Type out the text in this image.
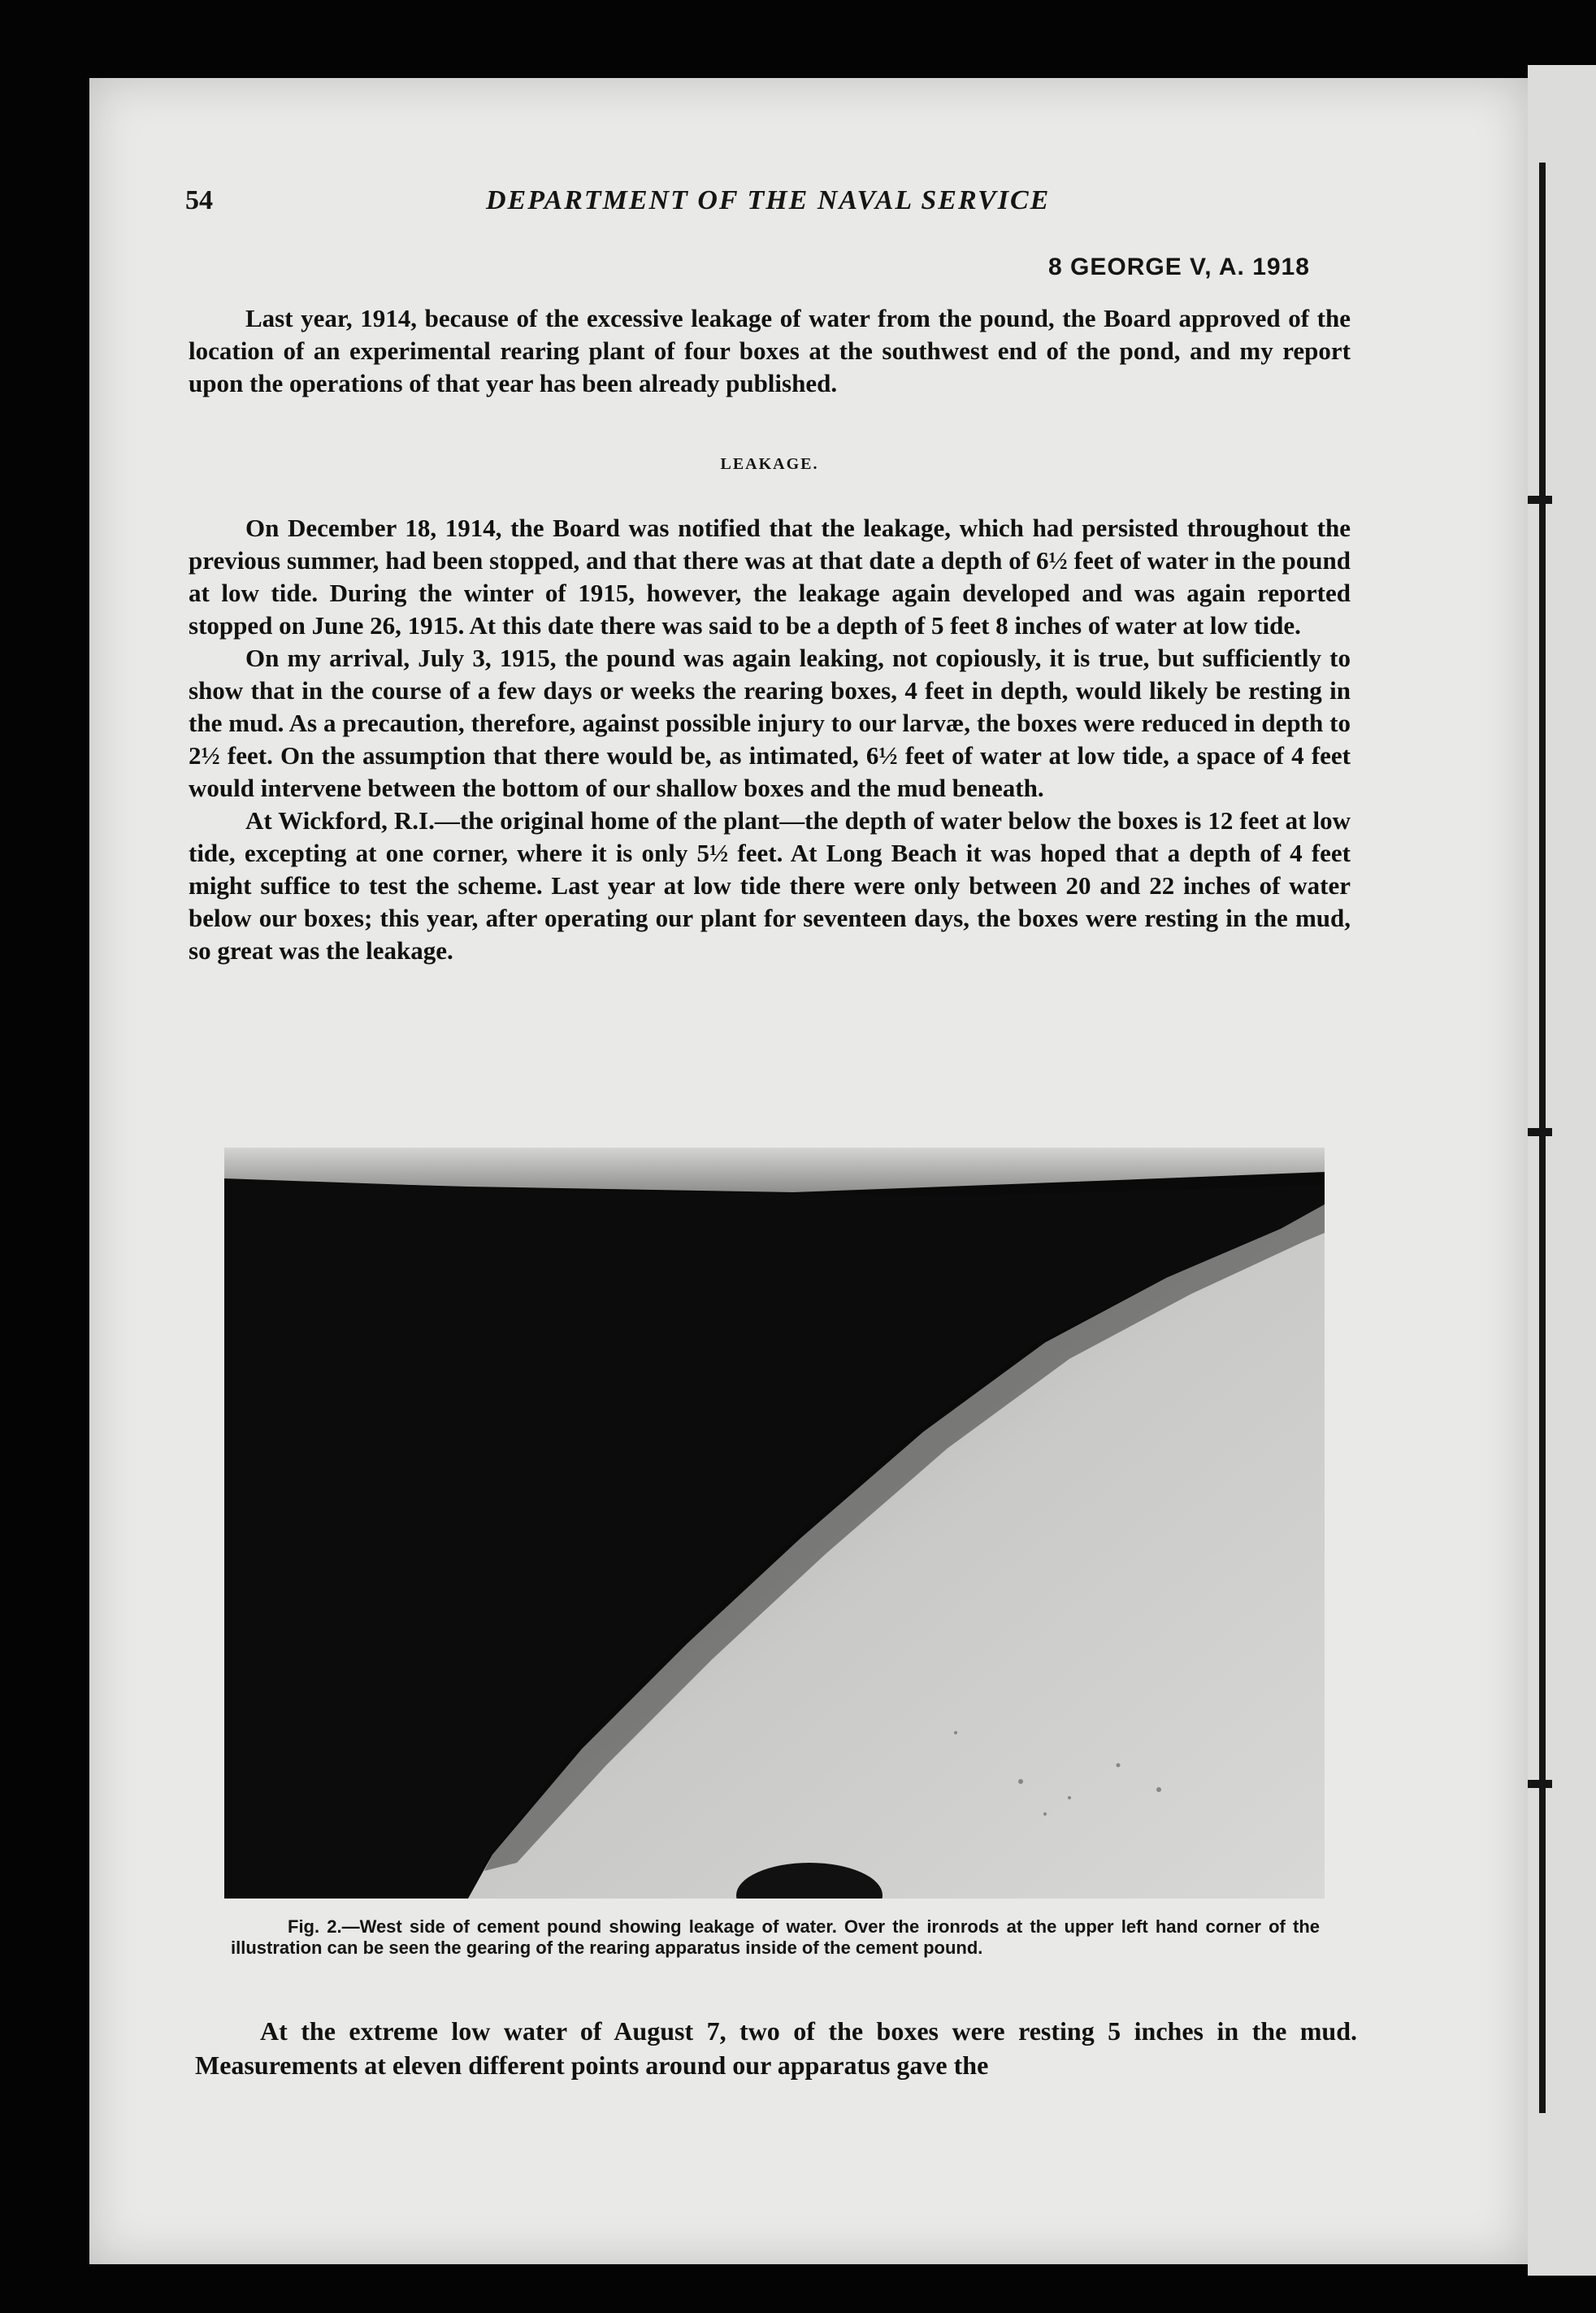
54	DEPARTMENT OF THE NAVAL SERVICE
8 GEORGE V, A. 1918
Last year, 1914, because of the excessive leakage of water from the pound, the Board approved of the location of an experimental rearing plant of four boxes at the southwest end of the pond, and my report upon the operations of that year has been already published.
LEAKAGE.

On December 18, 1914, the Board was notified that the leakage, which had persisted throughout the previous summer, had been stopped, and that there was at that date a depth of 6½ feet of water in the pound at low tide. During the winter of 1915, however, the leakage again developed and was again reported stopped on June 26, 1915. At this date there was said to be a depth of 5 feet 8 inches of water at low tide.

On my arrival, July 3, 1915, the pound was again leaking, not copiously, it is true, but sufficiently to show that in the course of a few days or weeks the rearing boxes, 4 feet in depth, would likely be resting in the mud. As a precaution, therefore, against possible injury to our larvæ, the boxes were reduced in depth to 2½ feet. On the assumption that there would be, as intimated, 6½ feet of water at low tide, a space of 4 feet would intervene between the bottom of our shallow boxes and the mud beneath.

At Wickford, R.I.—the original home of the plant—the depth of water below the boxes is 12 feet at low tide, excepting at one corner, where it is only 5½ feet. At Long Beach it was hoped that a depth of 4 feet might suffice to test the scheme. Last year at low tide there were only between 20 and 22 inches of water below our boxes; this year, after operating our plant for seventeen days, the boxes were resting in the mud, so great was the leakage.

Fig. 2.—West side of cement pound showing leakage of water. Over the ironrods at the upper left hand corner of the illustration can be seen the gearing of the rearing apparatus inside of the cement pound.
At the extreme low water of August 7, two of the boxes were resting 5 inches in the mud. Measurements at eleven different points around our apparatus gave the
